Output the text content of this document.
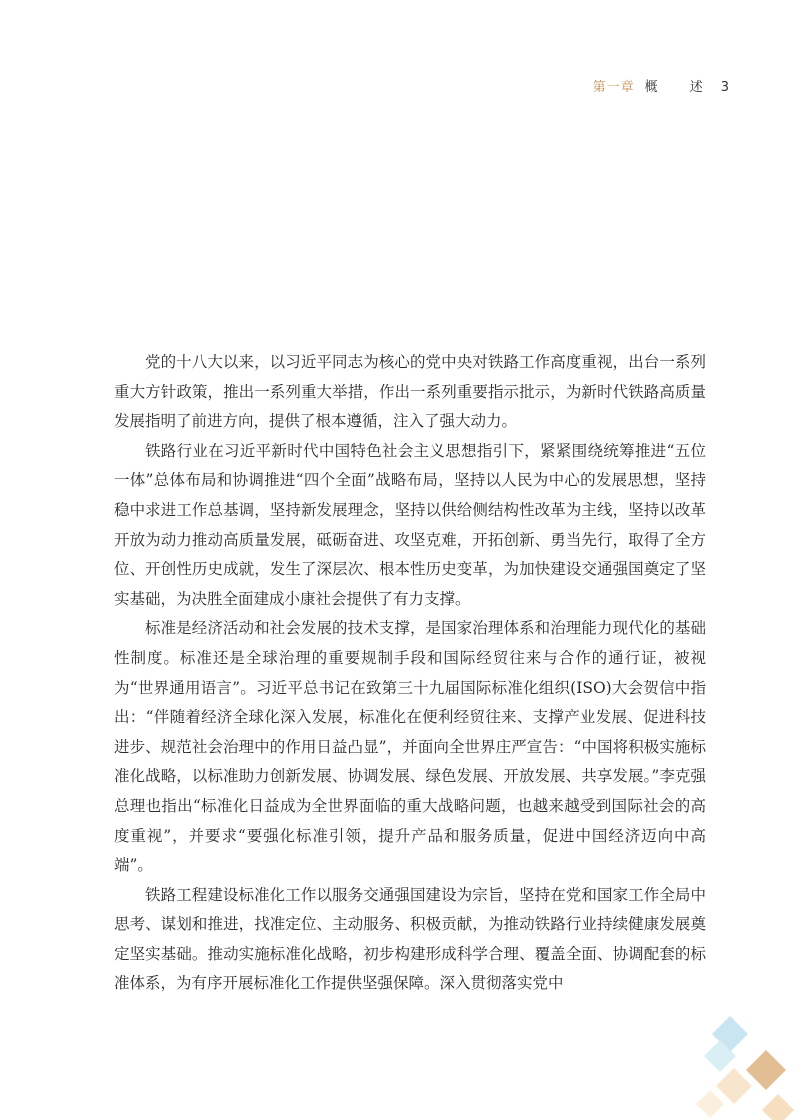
第一章 概 述 3

党的十八大以来，以习近平同志为核心的党中央对铁路工作高度重视，出台一系列重大方针政策，推出一系列重大举措，作出一系列重要指示批示，为新时代铁路高质量发展指明了前进方向，提供了根本遵循，注入了强大动力。

铁路行业在习近平新时代中国特色社会主义思想指引下，紧紧围绕统筹推进“五位一体”总体布局和协调推进“四个全面”战略布局，坚持以人民为中心的发展思想，坚持稳中求进工作总基调，坚持新发展理念，坚持以供给侧结构性改革为主线，坚持以改革开放为动力推动高质量发展，砥砺奋进、攻坚克难，开拓创新、勇当先行，取得了全方位、开创性历史成就，发生了深层次、根本性历史变革，为加快建设交通强国奠定了坚实基础，为决胜全面建成小康社会提供了有力支撑。

标准是经济活动和社会发展的技术支撑，是国家治理体系和治理能力现代化的基础性制度。标准还是全球治理的重要规制手段和国际经贸往来与合作的通行证，被视为“世界通用语言”。习近平总书记在致第三十九届国际标准化组织(ISO)大会贺信中指出：“伴随着经济全球化深入发展，标准化在便利经贸往来、支撑产业发展、促进科技进步、规范社会治理中的作用日益凸显”，并面向全世界庄严宣告：“中国将积极实施标准化战略，以标准助力创新发展、协调发展、绿色发展、开放发展、共享发展。”李克强总理也指出“标准化日益成为全世界面临的重大战略问题，也越来越受到国际社会的高度重视”，并要求“要强化标准引领，提升产品和服务质量，促进中国经济迈向中高端”。

铁路工程建设标准化工作以服务交通强国建设为宗旨，坚持在党和国家工作全局中思考、谋划和推进，找准定位、主动服务、积极贡献，为推动铁路行业持续健康发展奠定坚实基础。推动实施标准化战略，初步构建形成科学合理、覆盖全面、协调配套的标准体系，为有序开展标准化工作提供坚强保障。深入贯彻落实党中
